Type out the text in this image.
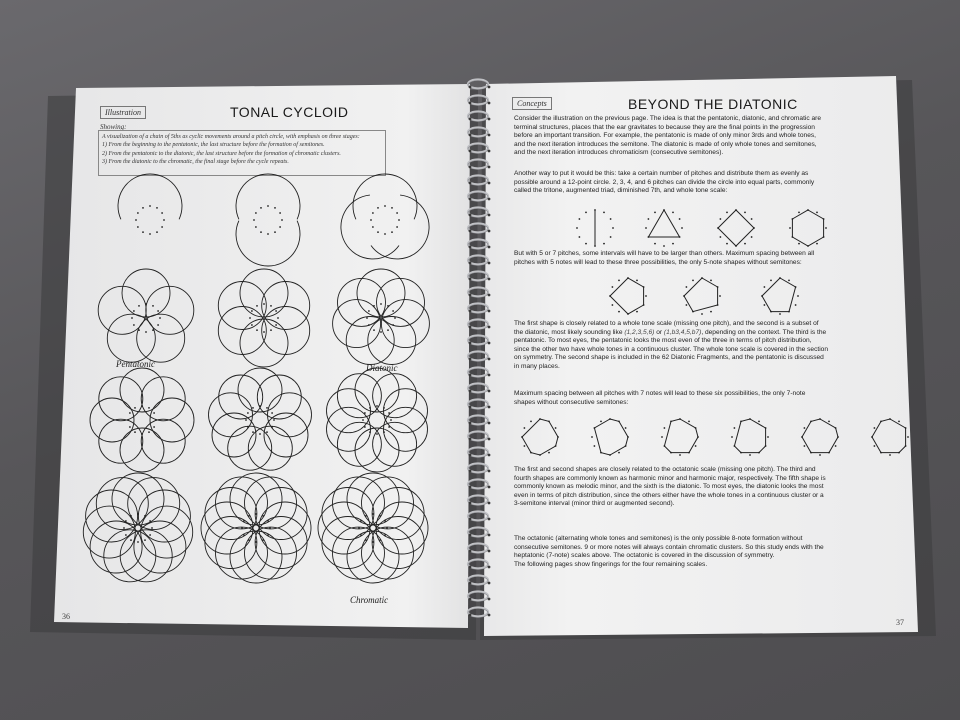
Illustration	TONAL CYCLOID
Showing:
A visualization of a chain of 5ths as cyclic movements around a pitch circle, with emphasis on three stages:
1) From the beginning to the pentatonic, the last structure before the formation of semitones.
2) From the pentatonic to the diatonic, the last structure before the formation of chromatic clusters.
3) From the diatonic to the chromatic, the final stage before the cycle repeats.
Pentatonic	Diatonic
Chromatic
36
Concepts	BEYOND THE DIATONIC

Consider the illustration on the previous page. The idea is that the pentatonic, diatonic, and chromatic are

terminal structures, places that the ear gravitates to because they are the final points in the progression

before an important transition. For example, the pentatonic is made of only minor 3rds and whole tones,

and the next iteration introduces the semitone. The diatonic is made of only whole tones and semitones,

and the next iteration introduces chromaticism (consecutive semitones).

Another way to put it would be this: take a certain number of pitches and distribute them as evenly as

possible around a 12-point circle. 2, 3, 4, and 6 pitches can divide the circle into equal parts, commonly

called the tritone, augmented triad, diminished 7th, and whole tone scale:

But with 5 or 7 pitches, some intervals will have to be larger than others. Maximum spacing between all

pitches with 5 notes will lead to these three possibilities, the only 5-note shapes without semitones:

The first shape is closely related to a whole tone scale (missing one pitch), and the second is a subset of

the diatonic, most likely sounding like (1,2,3,5,6) or (1,b3,4,5,b7), depending on the context. The third is the

pentatonic. To most eyes, the pentatonic looks the most even of the three in terms of pitch distribution,

since the other two have whole tones in a continuous cluster. The whole tone scale is covered in the section

on symmetry. The second shape is included in the 62 Diatonic Fragments, and the pentatonic is discussed

in many places.

Maximum spacing between all pitches with 7 notes will lead to these six possibilities, the only 7-note

shapes without consecutive semitones:

The first and second shapes are closely related to the octatonic scale (missing one pitch). The third and

fourth shapes are commonly known as harmonic minor and harmonic major, respectively. The fifth shape is

commonly known as melodic minor, and the sixth is the diatonic. To most eyes, the diatonic looks the most

even in terms of pitch distribution, since the others either have the whole tones in a continuous cluster or a

3-semitone interval (minor third or augmented second).

The octatonic (alternating whole tones and semitones) is the only possible 8-note formation without

consecutive semitones. 9 or more notes will always contain chromatic clusters. So this study ends with the

heptatonic (7-note) scales above. The octatonic is covered in the discussion of symmetry.

The following pages show fingerings for the four remaining scales.

37
